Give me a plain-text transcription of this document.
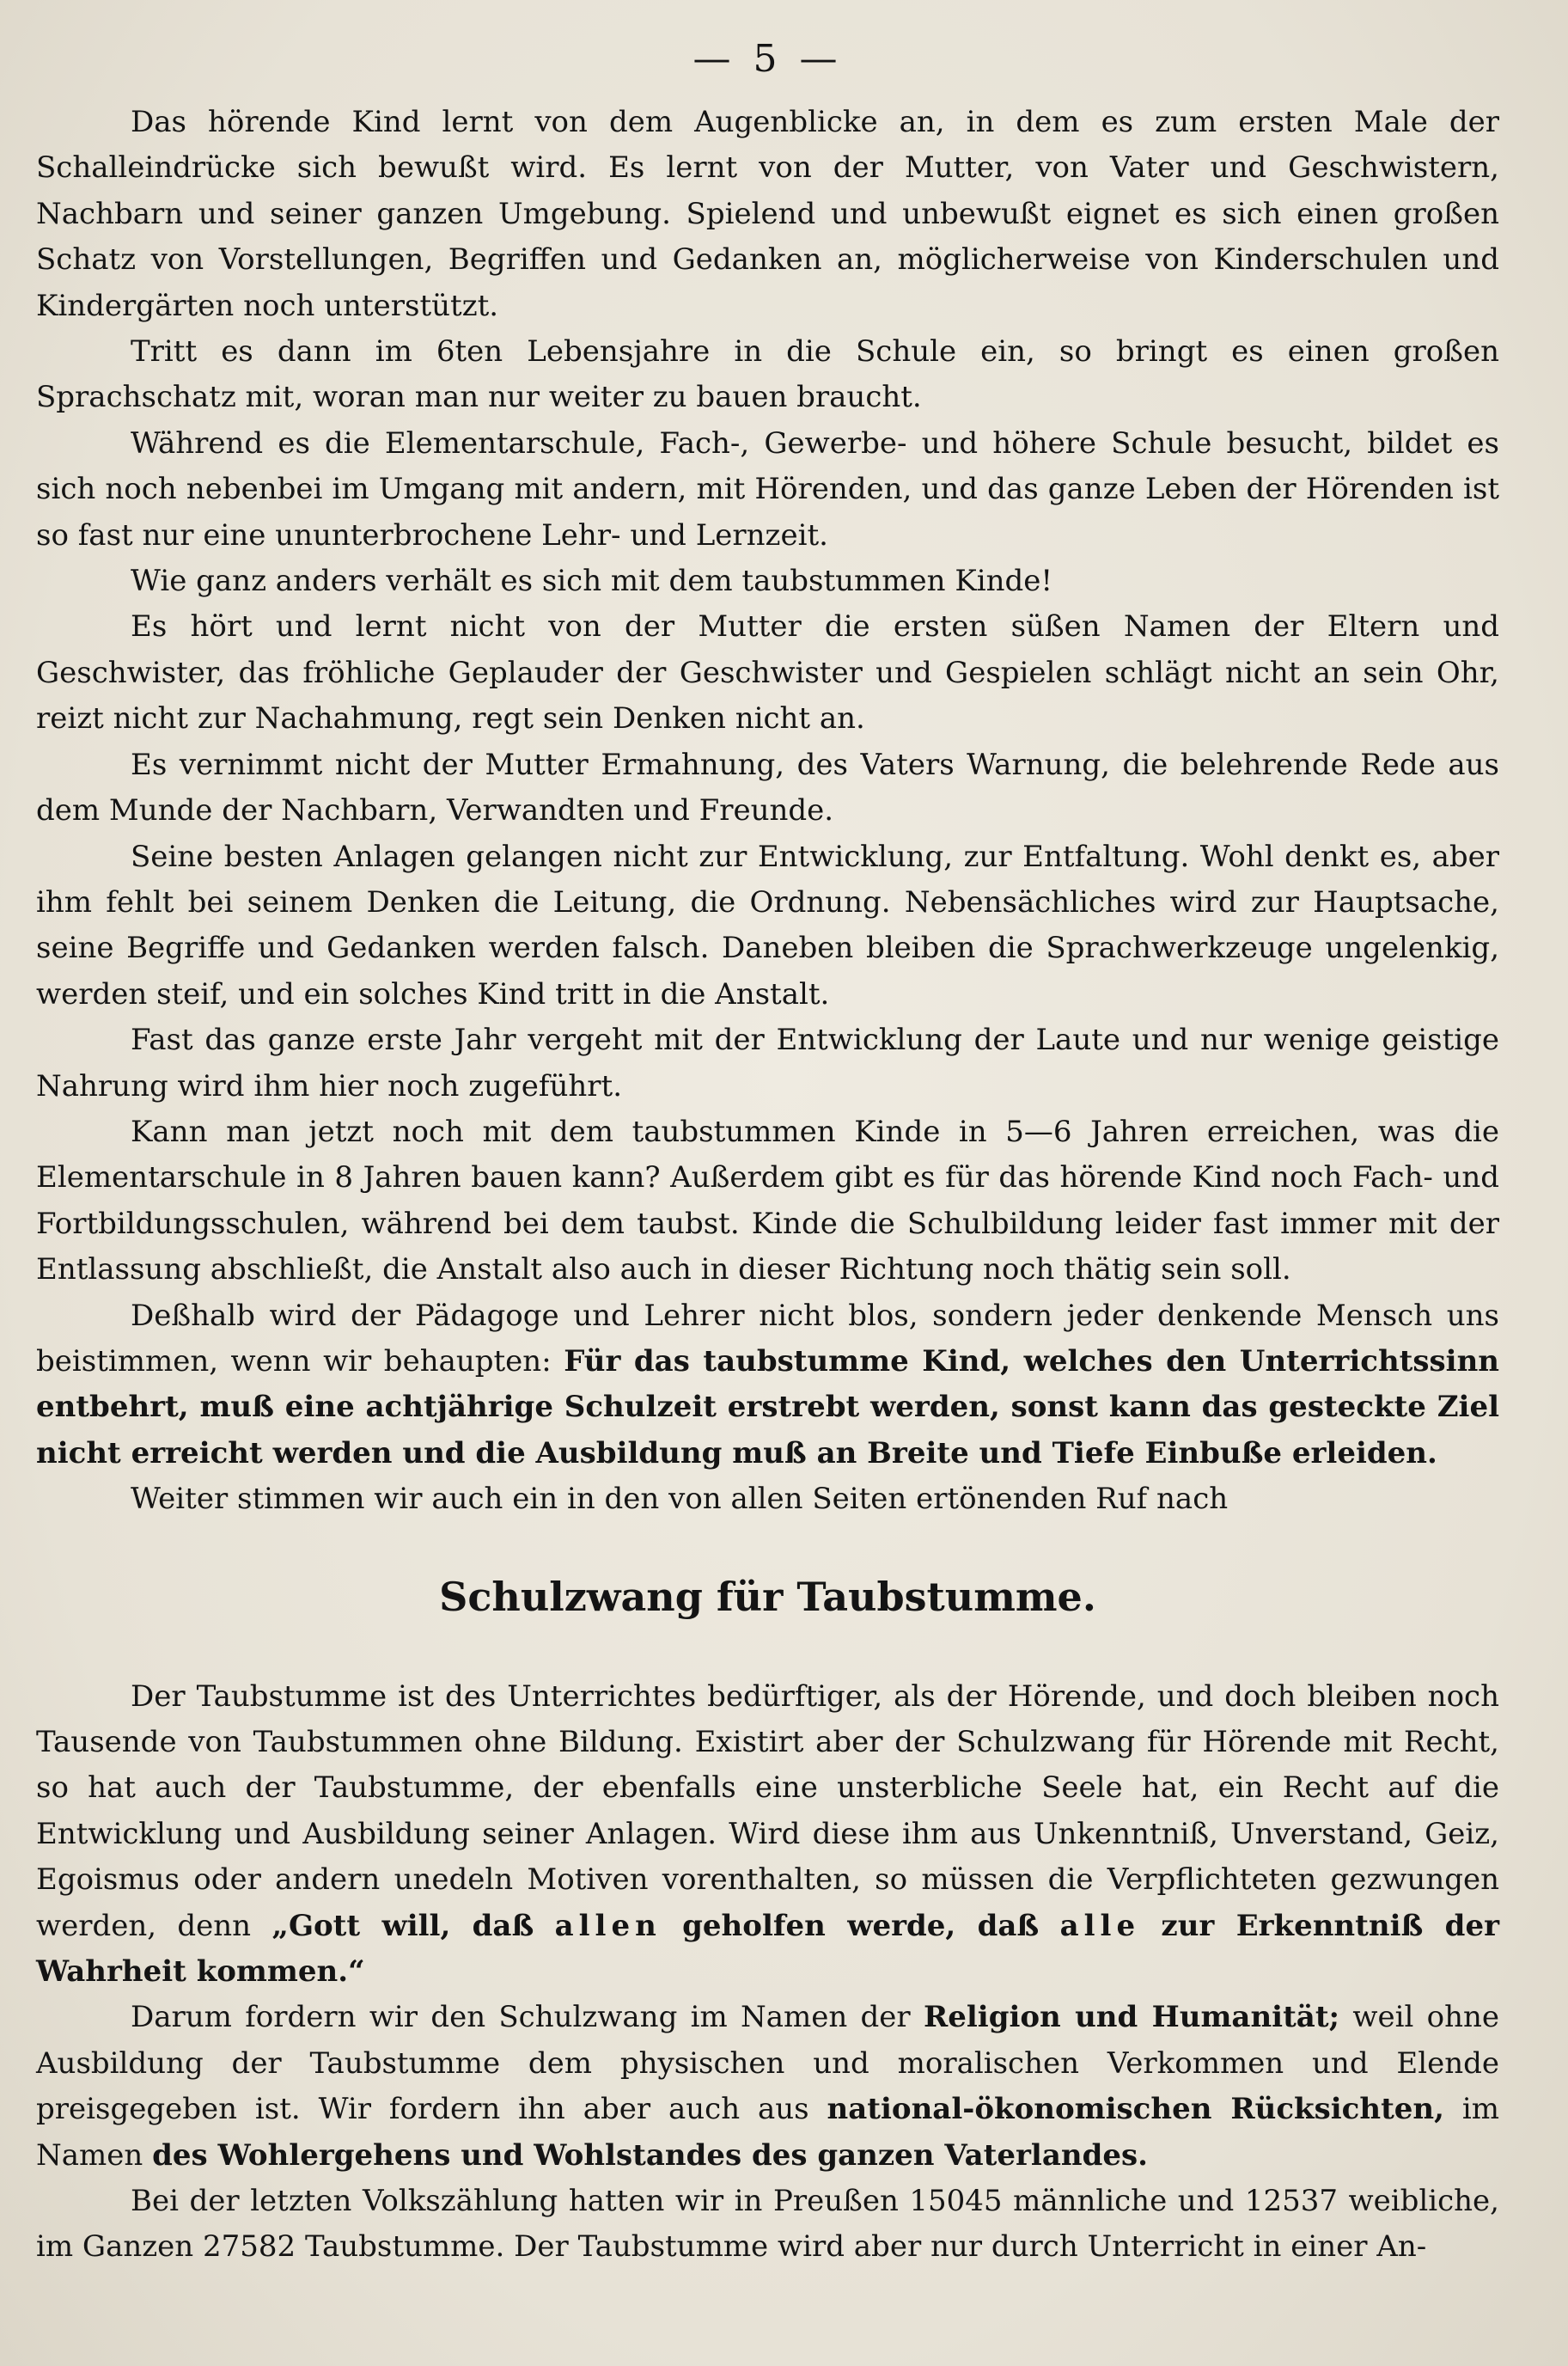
— 5 —

Das hörende Kind lernt von dem Augenblicke an, in dem es zum ersten Male der Schalleindrücke sich bewußt wird. Es lernt von der Mutter, von Vater und Geschwistern, Nachbarn und seiner ganzen Umgebung. Spielend und unbewußt eignet es sich einen großen Schatz von Vorstellungen, Begriffen und Gedanken an, möglicherweise von Kinderschulen und Kindergärten noch unterstützt.

Tritt es dann im 6ten Lebensjahre in die Schule ein, so bringt es einen großen Sprachschatz mit, woran man nur weiter zu bauen braucht.

Während es die Elementarschule, Fach-, Gewerbe- und höhere Schule besucht, bildet es sich noch nebenbei im Umgang mit andern, mit Hörenden, und das ganze Leben der Hörenden ist so fast nur eine ununterbrochene Lehr- und Lernzeit.

Wie ganz anders verhält es sich mit dem taubstummen Kinde!

Es hört und lernt nicht von der Mutter die ersten süßen Namen der Eltern und Geschwister, das fröhliche Geplauder der Geschwister und Gespielen schlägt nicht an sein Ohr, reizt nicht zur Nachahmung, regt sein Denken nicht an.

Es vernimmt nicht der Mutter Ermahnung, des Vaters Warnung, die belehrende Rede aus dem Munde der Nachbarn, Verwandten und Freunde.

Seine besten Anlagen gelangen nicht zur Entwicklung, zur Entfaltung. Wohl denkt es, aber ihm fehlt bei seinem Denken die Leitung, die Ordnung. Nebensächliches wird zur Hauptsache, seine Begriffe und Gedanken werden falsch. Daneben bleiben die Sprachwerkzeuge ungelenkig, werden steif, und ein solches Kind tritt in die Anstalt.

Fast das ganze erste Jahr vergeht mit der Entwicklung der Laute und nur wenige geistige Nahrung wird ihm hier noch zugeführt.

Kann man jetzt noch mit dem taubstummen Kinde in 5—6 Jahren erreichen, was die Elementarschule in 8 Jahren bauen kann? Außerdem gibt es für das hörende Kind noch Fach- und Fortbildungsschulen, während bei dem taubst. Kinde die Schulbildung leider fast immer mit der Entlassung abschließt, die Anstalt also auch in dieser Richtung noch thätig sein soll.

Deßhalb wird der Pädagoge und Lehrer nicht blos, sondern jeder denkende Mensch uns beistimmen, wenn wir behaupten: Für das taubstumme Kind, welches den Unterrichtssinn entbehrt, muß eine achtjährige Schulzeit erstrebt werden, sonst kann das gesteckte Ziel nicht erreicht werden und die Ausbildung muß an Breite und Tiefe Einbuße erleiden.

Weiter stimmen wir auch ein in den von allen Seiten ertönenden Ruf nach

Schulzwang für Taubstumme.

Der Taubstumme ist des Unterrichtes bedürftiger, als der Hörende, und doch bleiben noch Tausende von Taubstummen ohne Bildung. Existirt aber der Schulzwang für Hörende mit Recht, so hat auch der Taubstumme, der ebenfalls eine unsterbliche Seele hat, ein Recht auf die Entwicklung und Ausbildung seiner Anlagen. Wird diese ihm aus Unkenntniß, Unverstand, Geiz, Egoismus oder andern unedeln Motiven vorenthalten, so müssen die Verpflichteten gezwungen werden, denn „Gott will, daß allen geholfen werde, daß alle zur Erkenntniß der Wahrheit kommen.“

Darum fordern wir den Schulzwang im Namen der Religion und Humanität; weil ohne Ausbildung der Taubstumme dem physischen und moralischen Verkommen und Elende preisgegeben ist. Wir fordern ihn aber auch aus national-ökonomischen Rücksichten, im Namen des Wohlergehens und Wohlstandes des ganzen Vaterlandes.

Bei der letzten Volkszählung hatten wir in Preußen 15045 männliche und 12537 weibliche, im Ganzen 27582 Taubstumme. Der Taubstumme wird aber nur durch Unterricht in einer An-
